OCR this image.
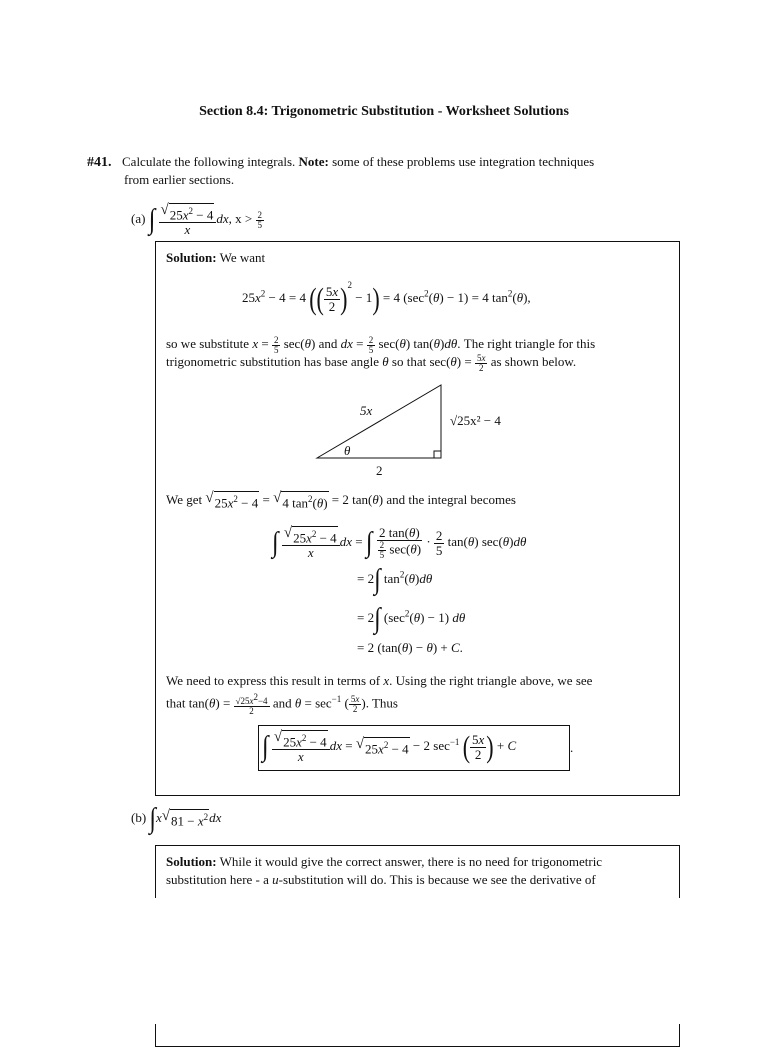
Section 8.4: Trigonometric Substitution - Worksheet Solutions
#41. Calculate the following integrals. Note: some of these problems use integration techniques
from earlier sections.
(a) ∫ $\frac{√ 25x^2 - 4}{x}$ dx, $x > \frac{2}{5}$
Solution: We want
$25x^2 - 4 = 4$ (( $\frac{5x}{2} )^2 - 1) = 4$ $(\sec^2(\theta) - 1) = 4$ $\tan^2(\theta)$,
so we substitute $x = \frac{2}{5} \sec(\theta)$ and dx = $\frac{2}{5} \sec(\theta)$ tan(θ)dθ. The right triangle for this
trigonometric substitution has base angle θ so that $\sec(\theta) = \frac{5x}{2}$ as shown below.
5x
√25x² − 4
θ
2
We get √ $25x^2 - 4$ = √ 4 $\tan^2(\theta) = 2$ tan(θ) and the integral becomes
∫ $\frac{√ 25x^2 - 4}{x}$ dx = ∫ $\frac{2 \tan(\theta)}{\frac{2}{5} \sec(\theta)} \cdot \frac{2}{5} \tan(\theta)$ sec(θ)dθ
= 2∫ $\tan^2(\theta)d\theta$
= 2∫ $(\sec^2(\theta) - 1)$ dθ
= 2 (tan(θ) − θ) + C.
We need to express this result in terms of x. Using the right triangle above, we see
that $\tan(\theta) = \frac{√25x^2-4}{2}$ and $\theta = \sec^{-1}$ ( $\frac{5x}{2}$ ). Thus
∫ $\frac{√ 25x^2 - 4}{x}$ dx = √ $25x^2 - 4 - 2$ $\sec^{-1}$ ( $\frac{5x}{2}$ ) + C	.
(b) ∫x √ $81 - x^2$ dx
Solution: While it would give the correct answer, there is no need for trigonometric
substitution here - a u-substitution will do. This is because we see the derivative of
